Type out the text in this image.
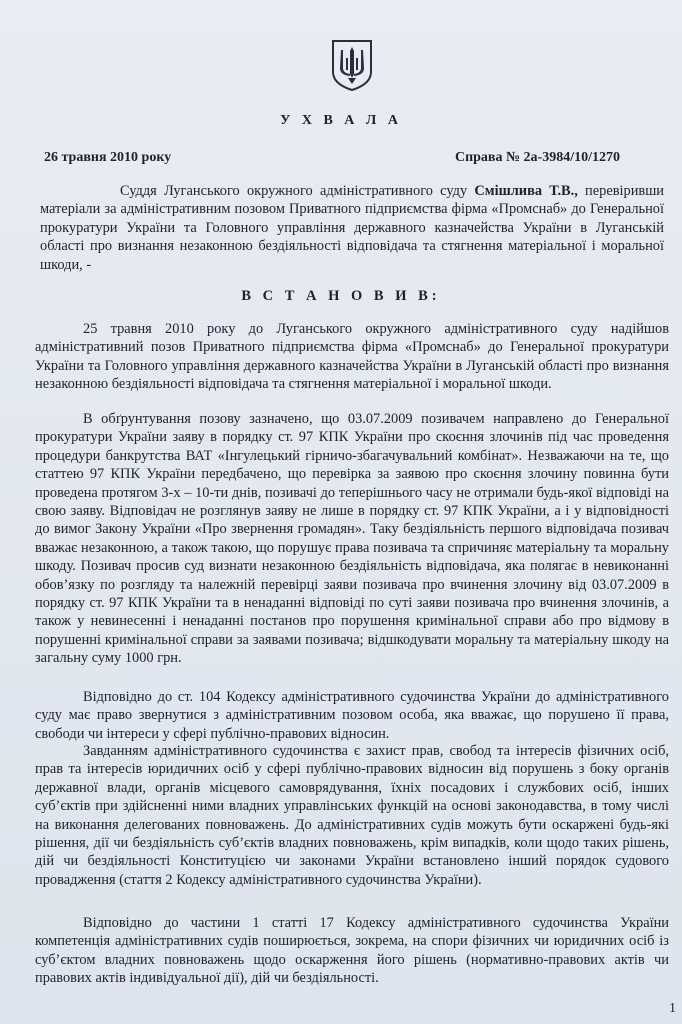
У Х В А Л А
26 травня 2010 року	Справа № 2а-3984/10/1270

Суддя Луганського окружного адміністративного суду Смішлива Т.В., перевіривши матеріали за адміністративним позовом Приватного підприємства фірма «Промснаб» до Генеральної прокуратури України та Головного управління державного казначейства України в Луганській області про визнання незаконною бездіяльності відповідача та стягнення матеріальної і моральної шкоди, -

В С Т А Н О В И В:

25 травня 2010 року до Луганського окружного адміністративного суду надійшов адміністративний позов Приватного підприємства фірма «Промснаб» до Генеральної прокуратури України та Головного управління державного казначейства України в Луганській області про визнання незаконною бездіяльності відповідача та стягнення матеріальної і моральної шкоди.

В обґрунтування позову зазначено, що 03.07.2009 позивачем направлено до Генеральної прокуратури України заяву в порядку ст. 97 КПК України про скоєння злочинів під час проведення процедури банкрутства ВАТ «Інгулецький гірничо-збагачувальний комбінат». Незважаючи на те, що статтею 97 КПК України передбачено, що перевірка за заявою про скоєння злочину повинна бути проведена протягом 3-х – 10-ти днів, позивачі до теперішнього часу не отримали будь-якої відповіді на свою заяву. Відповідач не розглянув заяву не лише в порядку ст. 97 КПК України, а і у відповідності до вимог Закону України «Про звернення громадян». Таку бездіяльність першого відповідача позивач вважає незаконною, а також такою, що порушує права позивача та спричиняє матеріальну та моральну шкоду. Позивач просив суд визнати незаконною бездіяльність відповідача, яка полягає в невиконанні обов’язку по розгляду та належній перевірці заяви позивача про вчинення злочину від 03.07.2009 в порядку ст. 97 КПК України та в ненаданні відповіді по суті заяви позивача про вчинення злочинів, а також у невинесенні і ненаданні постанов про порушення кримінальної справи або про відмову в порушенні кримінальної справи за заявами позивача; відшкодувати моральну та матеріальну шкоду на загальну суму 1000 грн.

Відповідно до ст. 104 Кодексу адміністративного судочинства України до адміністративного суду має право звернутися з адміністративним позовом особа, яка вважає, що порушено її права, свободи чи інтереси у сфері публічно-правових відносин.

Завданням адміністративного судочинства є захист прав, свобод та інтересів фізичних осіб, прав та інтересів юридичних осіб у сфері публічно-правових відносин від порушень з боку органів державної влади, органів місцевого самоврядування, їхніх посадових і службових осіб, інших суб’єктів при здійсненні ними владних управлінських функцій на основі законодавства, в тому числі на виконання делегованих повноважень. До адміністративних судів можуть бути оскаржені будь-які рішення, дії чи бездіяльність суб’єктів владних повноважень, крім випадків, коли щодо таких рішень, дій чи бездіяльності Конституцією чи законами України встановлено інший порядок судового провадження (стаття 2 Кодексу адміністративного судочинства України).

Відповідно до частини 1 статті 17 Кодексу адміністративного судочинства України компетенція адміністративних судів поширюється, зокрема, на спори фізичних чи юридичних осіб із суб’єктом владних повноважень щодо оскарження його рішень (нормативно-правових актів чи правових актів індивідуальної дії), дій чи бездіяльності.

1
